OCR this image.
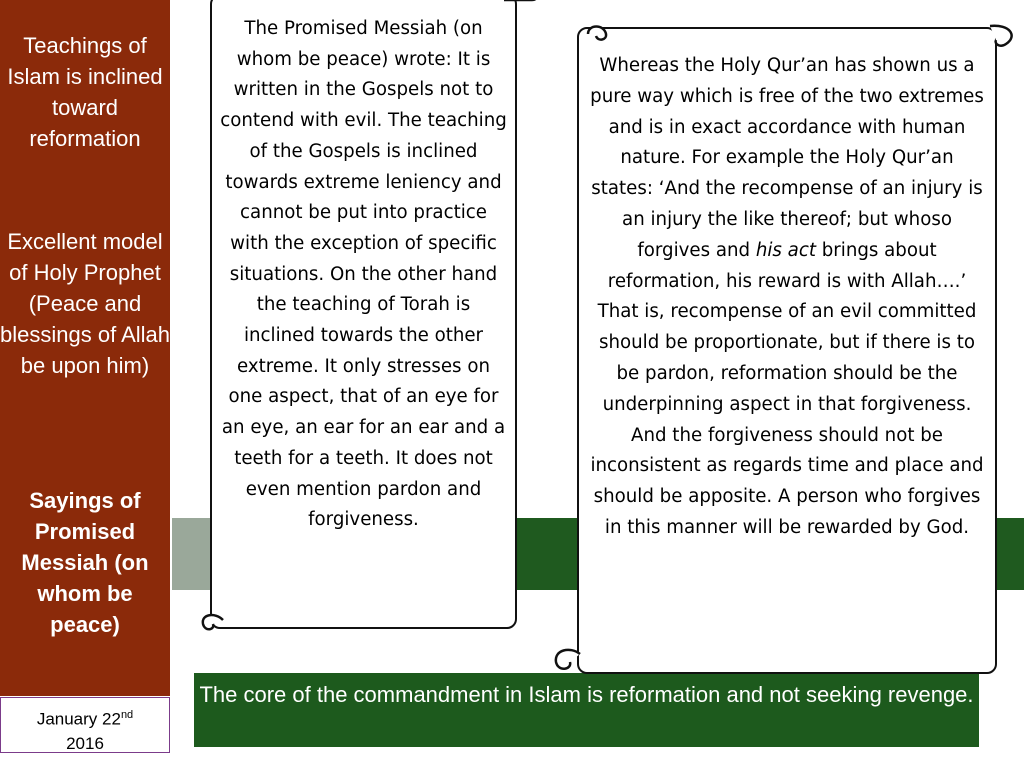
Teachings of Islam is inclined toward reformation
Excellent model of Holy Prophet (Peace and blessings of Allah be upon him)
Sayings of Promised Messiah (on whom be peace)
January 22nd
2016
The core of the commandment in Islam is reformation and not seeking revenge.
The Promised Messiah (on whom be peace) wrote: It is written in the Gospels not to contend with evil. The teaching of the Gospels is inclined towards extreme leniency and cannot be put into practice with the exception of specific situations. On the other hand the teaching of Torah is inclined towards the other extreme. It only stresses on one aspect, that of an eye for an eye, an ear for an ear and a teeth for a teeth. It does not even mention pardon and forgiveness.
Whereas the Holy Qur’an has shown us a pure way which is free of the two extremes and is in exact accordance with human nature. For example the Holy Qur’an states: ‘And the recompense of an injury is an injury the like thereof; but whoso forgives and his act brings about reformation, his reward is with Allah….’ That is, recompense of an evil committed should be proportionate, but if there is to be pardon, reformation should be the underpinning aspect in that forgiveness. And the forgiveness should not be inconsistent as regards time and place and should be apposite. A person who forgives in this manner will be rewarded by God.
